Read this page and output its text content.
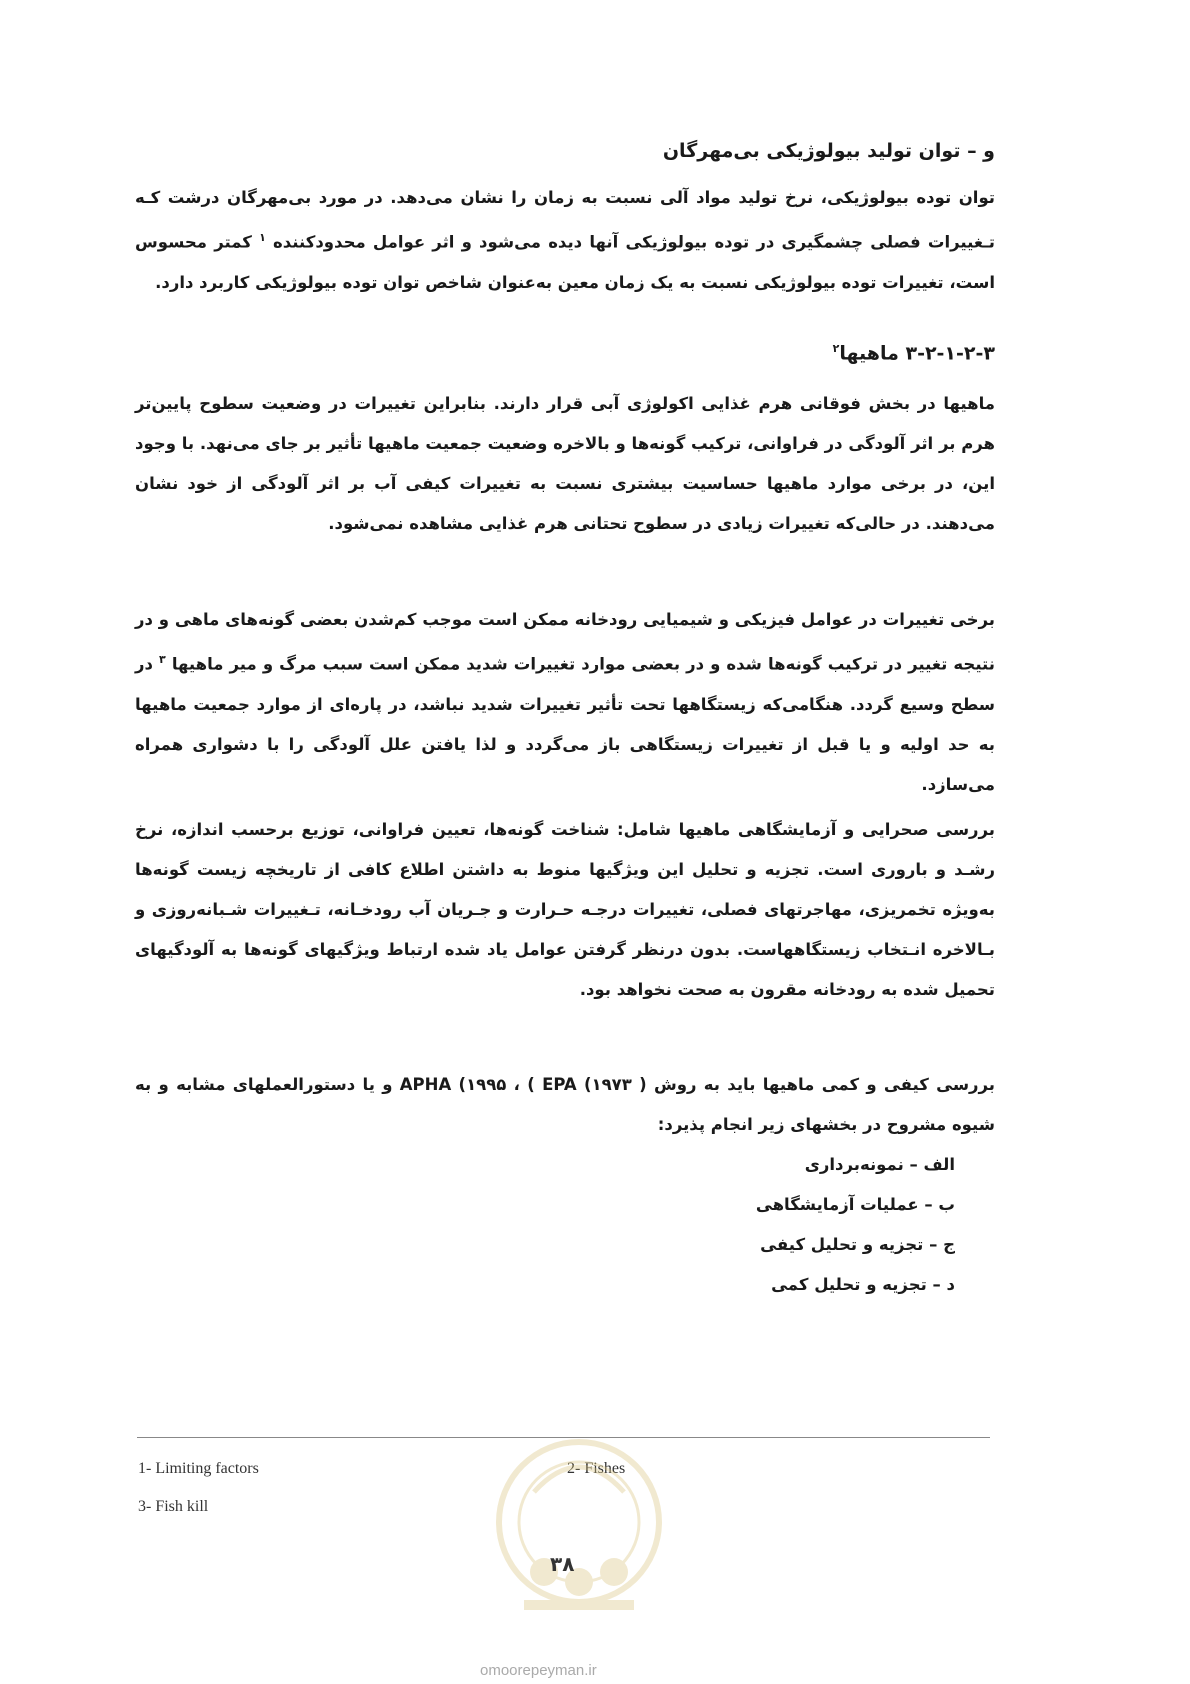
و – توان تولید بیولوژیکی بی‌مهرگان

توان توده بیولوژیکی، نرخ تولید مواد آلی نسبت به زمان را نشان می‌دهد. در مورد بی‌مهرگان درشت کـه تـغییرات فصلی چشمگیری در توده بیولوژیکی آنها دیده می‌شود و اثر عوامل محدودکننده $^۱$ کمتر محسوس است، تغییرات توده بیولوژیکی نسبت به یک زمان معین به‌عنوان شاخص توان توده بیولوژیکی کاربرد دارد.

۳-۲-۱-۲-۳ ماهیها$^۲$

ماهیها در بخش فوقانی هرم غذایی اکولوژی آبی قرار دارند. بنابراین تغییرات در وضعیت سطوح پایین‌تر هرم بر اثر آلودگی در فراوانی، ترکیب گونه‌ها و بالاخره وضعیت جمعیت ماهیها تأثیر بر جای می‌نهد. با وجود این، در برخی موارد ماهیها حساسیت بیشتری نسبت به تغییرات کیفی آب بر اثر آلودگی از خود نشان می‌دهند. در حالی‌که تغییرات زیادی در سطوح تحتانی هرم غذایی مشاهده نمی‌شود.

برخی تغییرات در عوامل فیزیکی و شیمیایی رودخانه ممکن است موجب کم‌شدن بعضی گونه‌های ماهی و در نتیجه تغییر در ترکیب گونه‌ها شده و در بعضی موارد تغییرات شدید ممکن است سبب مرگ و میر ماهیها $^۳$ در سطح وسیع گردد. هنگامی‌که زیستگاهها تحت تأثیر تغییرات شدید نباشد، در پاره‌ای از موارد جمعیت ماهیها به حد اولیه و یا قبل از تغییرات زیستگاهی باز می‌گردد و لذا یافتن علل آلودگی را با دشواری همراه می‌سازد.

بررسی صحرایی و آزمایشگاهی ماهیها شامل: شناخت گونه‌ها، تعیین فراوانی، توزیع برحسب اندازه، نرخ رشـد و باروری است. تجزیه و تحلیل این ویژگیها منوط به داشتن اطلاع کافی از تاریخچه زیست گونه‌ها به‌ویژه تخمریزی، مهاجرتهای فصلی، تغییرات درجـه حـرارت و جـریان آب رودخـانه، تـغییرات شـبانه‌روزی و بـالاخره انـتخاب زیستگاههاست. بدون درنظر گرفتن عوامل یاد شده ارتباط ویژگیهای گونه‌ها به آلودگیهای تحمیل شده به رودخانه مقرون به صحت نخواهد بود.

بررسی کیفی و کمی ماهیها باید به روش ( APHA (۱۹۹۵ ، ( EPA (۱۹۷۳ و یا دستورالعملهای مشابه و به شیوه مشروح در بخشهای زیر انجام پذیرد:

الف – نمونه‌برداری
ب – عملیات آزمایشگاهی
ج – تجزیه و تحلیل کیفی
د – تجزیه و تحلیل کمی
1- Limiting factors	2- Fishes
3- Fish kill
۳۸
omoorepeyman.ir
